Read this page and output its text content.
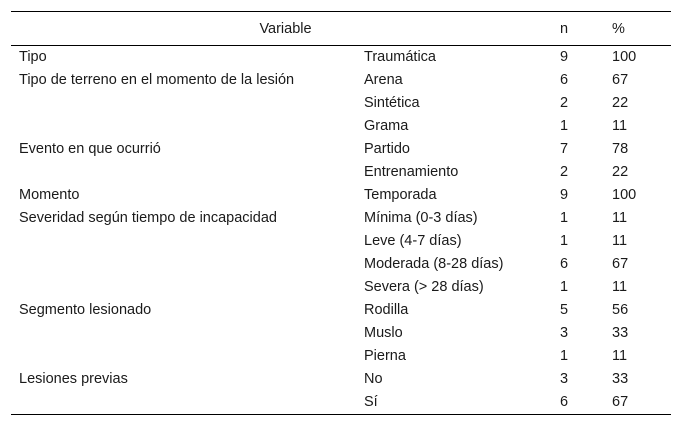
Variable		n	%
Tipo	Traumática	9	100
Tipo de terreno en el momento de la lesión	Arena	6	67
	Sintética	2	22
	Grama	1	11
Evento en que ocurrió	Partido	7	78
	Entrenamiento	2	22
Momento	Temporada	9	100
Severidad según tiempo de incapacidad	Mínima (0-3 días)	1	11
	Leve (4-7 días)	1	11
	Moderada (8-28 días)	6	67
	Severa (> 28 días)	1	11
Segmento lesionado	Rodilla	5	56
	Muslo	3	33
	Pierna	1	11
Lesiones previas	No	3	33
	Sí	6	67
